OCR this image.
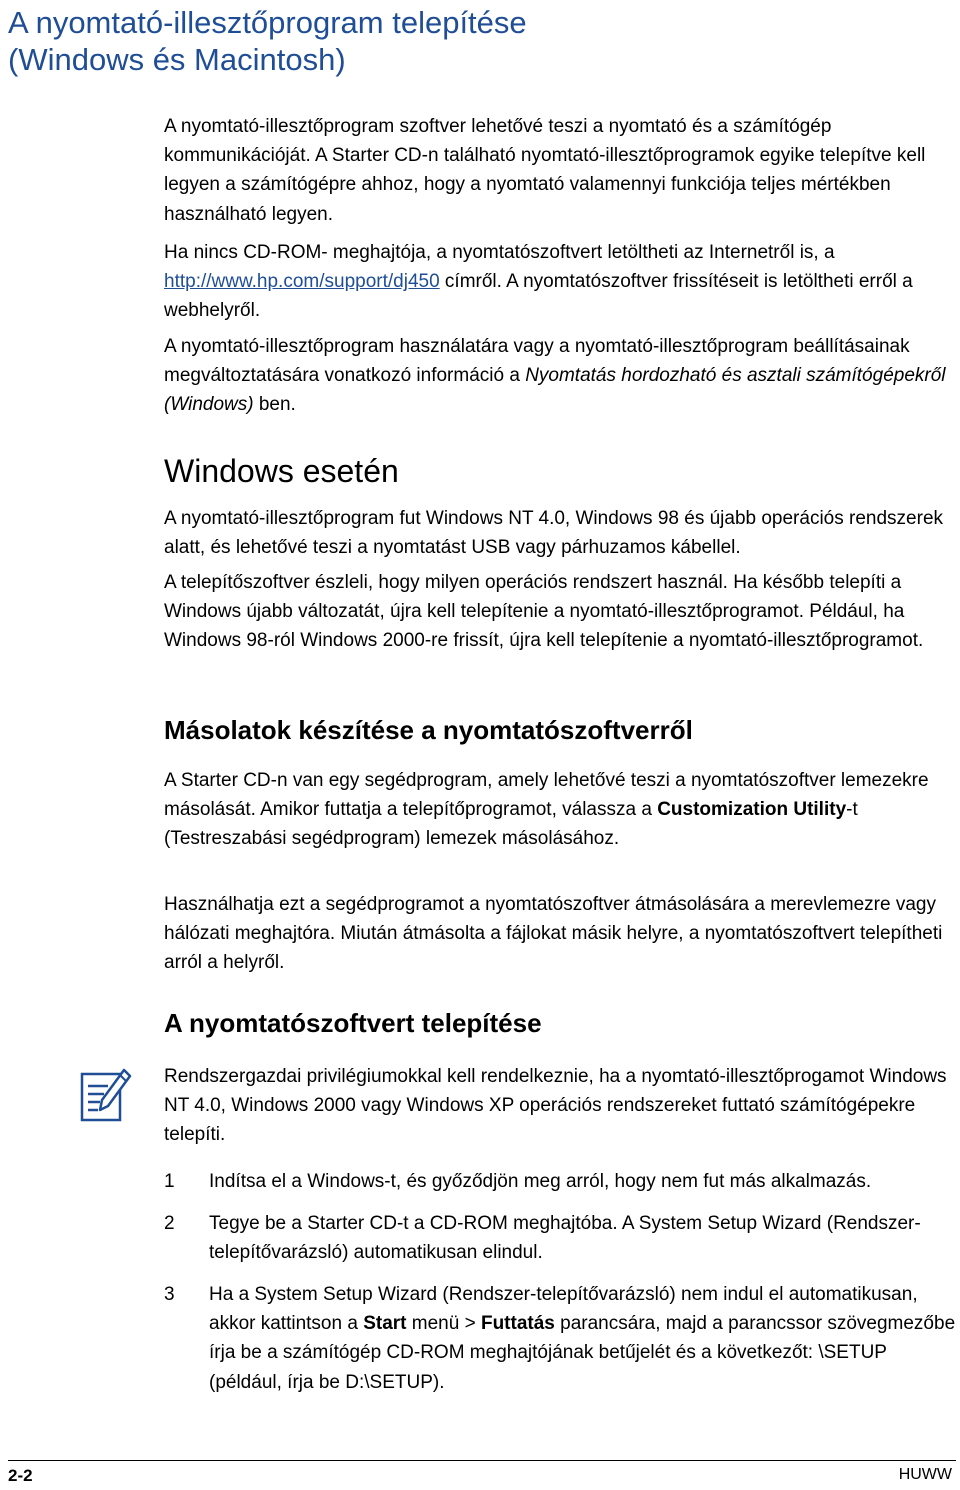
A nyomtató-illesztőprogram telepítése
(Windows és Macintosh)

A nyomtató-illesztőprogram szoftver lehetővé teszi a nyomtató és a számítógép kommunikációját. A Starter CD-n található nyomtató-illesztőprogramok egyike telepítve kell legyen a számítógépre ahhoz, hogy a nyomtató valamennyi funkciója teljes mértékben használható legyen.

Ha nincs CD-ROM- meghajtója, a nyomtatószoftvert letöltheti az Internetről is, a http://www.hp.com/support/dj450 címről. A nyomtatószoftver frissítéseit is letöltheti erről a webhelyről.

A nyomtató-illesztőprogram használatára vagy a nyomtató-illesztőprogram beállításainak megváltoztatására vonatkozó információ a Nyomtatás hordozható és asztali számítógépekről (Windows) ben.

Windows esetén

A nyomtató-illesztőprogram fut Windows NT 4.0, Windows 98 és újabb operációs rendszerek alatt, és lehetővé teszi a nyomtatást USB vagy párhuzamos kábellel.

A telepítőszoftver észleli, hogy milyen operációs rendszert használ. Ha később telepíti a Windows újabb változatát, újra kell telepítenie a nyomtató-illesztőprogramot. Például, ha Windows 98-ról Windows 2000-re frissít, újra kell telepítenie a nyomtató-illesztőprogramot.

Másolatok készítése a nyomtatószoftverről

A Starter CD-n van egy segédprogram, amely lehetővé teszi a nyomtatószoftver lemezekre másolását. Amikor futtatja a telepítőprogramot, válassza a Customization Utility-t (Testreszabási segédprogram) lemezek másolásához.

Használhatja ezt a segédprogramot a nyomtatószoftver átmásolására a merevlemezre vagy hálózati meghajtóra. Miután átmásolta a fájlokat másik helyre, a nyomtatószoftvert telepítheti arról a helyről.

A nyomtatószoftvert telepítése

Rendszergazdai privilégiumokkal kell rendelkeznie, ha a nyomtató-illesztőprogamot Windows NT 4.0, Windows 2000 vagy Windows XP operációs rendszereket futtató számítógépekre telepíti.

1 Indítsa el a Windows-t, és győződjön meg arról, hogy nem fut más alkalmazás.

2 Tegye be a Starter CD-t a CD-ROM meghajtóba. A System Setup Wizard (Rendszer-telepítővarázsló) automatikusan elindul.

3 Ha a System Setup Wizard (Rendszer-telepítővarázsló) nem indul el automatikusan, akkor kattintson a Start menü > Futtatás parancsára, majd a parancssor szövegmezőbe írja be a számítógép CD-ROM meghajtójának betűjelét és a következőt: \SETUP (például, írja be D:\SETUP).

2-2	HUWW
